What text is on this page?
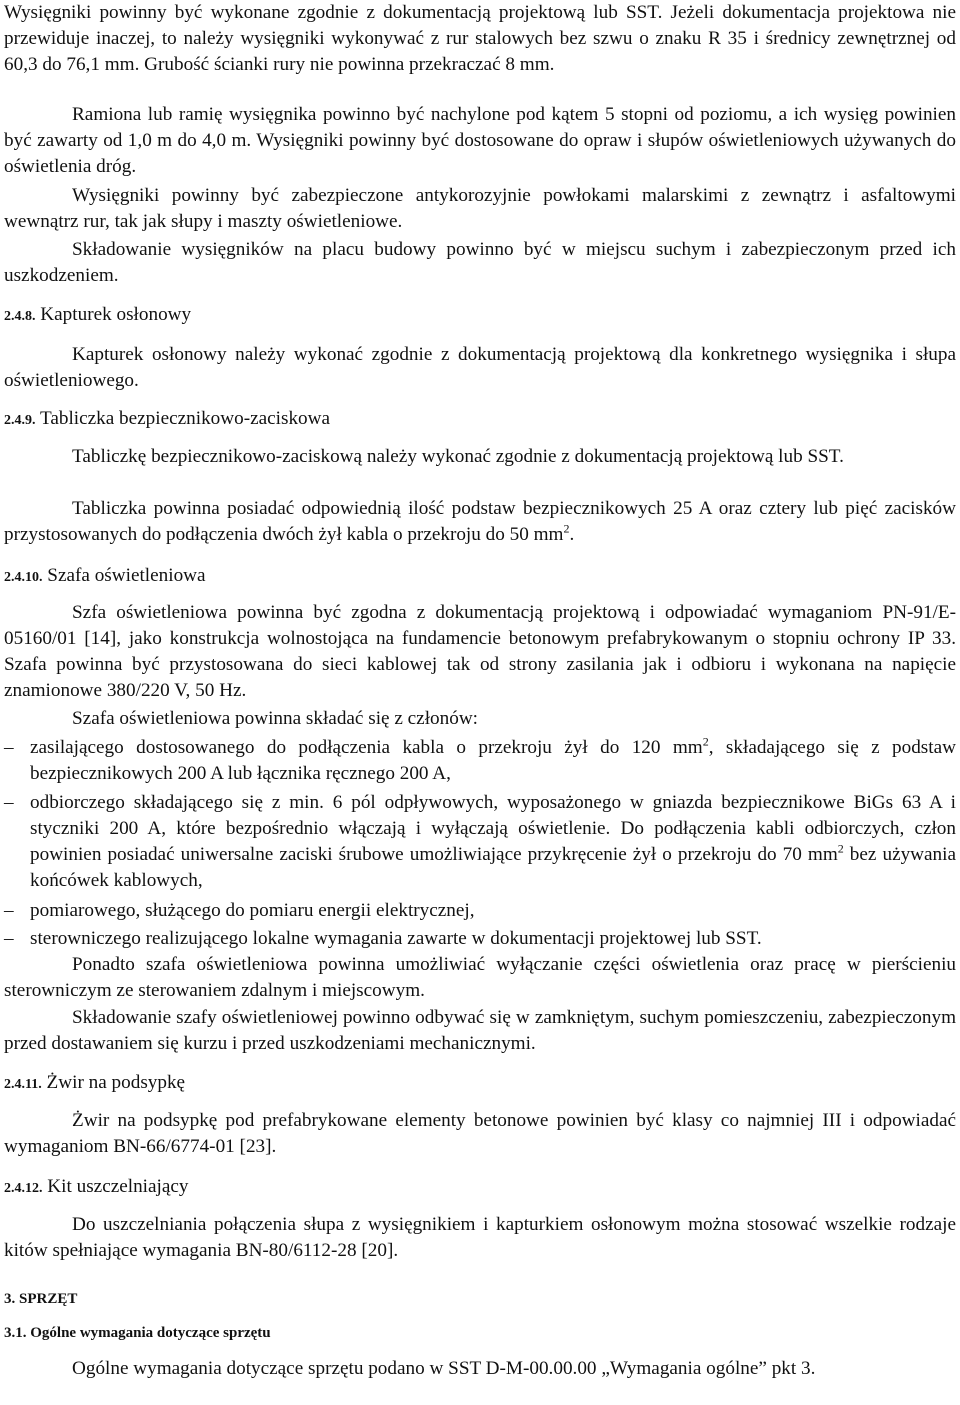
Wysięgniki powinny być wykonane zgodnie z dokumentacją projektową lub SST. Jeżeli dokumentacja projektowa nie przewiduje inaczej, to należy wysięgniki wykonywać z rur stalowych bez szwu o znaku R 35 i średnicy zewnętrznej od 60,3 do 76,1 mm. Grubość ścianki rury nie powinna przekraczać 8 mm.

Ramiona lub ramię wysięgnika powinno być nachylone pod kątem 5 stopni od poziomu, a ich wysięg powinien być zawarty od 1,0 m do 4,0 m. Wysięgniki powinny być dostosowane do opraw i słupów oświetleniowych używanych do oświetlenia dróg.

Wysięgniki powinny być zabezpieczone antykorozyjnie powłokami malarskimi z zewnątrz i asfaltowymi wewnątrz rur, tak jak słupy i maszty oświetleniowe.

Składowanie wysięgników na placu budowy powinno być w miejscu suchym i zabezpieczonym przed ich uszkodzeniem.

2.4.8. Kapturek osłonowy

Kapturek osłonowy należy wykonać zgodnie z dokumentacją projektową dla konkretnego wysięgnika i słupa oświetleniowego.

2.4.9. Tabliczka bezpiecznikowo-zaciskowa

Tabliczkę bezpiecznikowo-zaciskową należy wykonać zgodnie z dokumentacją projektową lub SST.

Tabliczka powinna posiadać odpowiednią ilość podstaw bezpiecznikowych 25 A oraz cztery lub pięć zacisków przystosowanych do podłączenia dwóch żył kabla o przekroju do 50 $mm^2$.

2.4.10. Szafa oświetleniowa

Szfa oświetleniowa powinna być zgodna z dokumentacją projektową i odpowiadać wymaganiom PN-91/E-05160/01 [14], jako konstrukcja wolnostojąca na fundamencie betonowym prefabrykowanym o stopniu ochrony IP 33. Szafa powinna być przystosowana do sieci kablowej tak od strony zasilania jak i odbioru i wykonana na napięcie znamionowe 380/220 V, 50 Hz.

Szafa oświetleniowa powinna składać się z członów:

– zasilającego dostosowanego do podłączenia kabla o przekroju żył do 120 $mm^2$, składającego się z podstaw bezpiecznikowych 200 A lub łącznika ręcznego 200 A,

– odbiorczego składającego się z min. 6 pól odpływowych, wyposażonego w gniazda bezpiecznikowe BiGs 63 A i styczniki 200 A, które bezpośrednio włączają i wyłączają oświetlenie. Do podłączenia kabli odbiorczych, człon powinien posiadać uniwersalne zaciski śrubowe umożliwiające przykręcenie żył o przekroju do 70 $mm^2$ bez używania końcówek kablowych,

– pomiarowego, służącego do pomiaru energii elektrycznej,

– sterowniczego realizującego lokalne wymagania zawarte w dokumentacji projektowej lub SST.

Ponadto szafa oświetleniowa powinna umożliwiać wyłączanie części oświetlenia oraz pracę w pierścieniu sterowniczym ze sterowaniem zdalnym i miejscowym.

Składowanie szafy oświetleniowej powinno odbywać się w zamkniętym, suchym pomieszczeniu, zabezpieczonym przed dostawaniem się kurzu i przed uszkodzeniami mechanicznymi.

2.4.11. Żwir na podsypkę

Żwir na podsypkę pod prefabrykowane elementy betonowe powinien być klasy co najmniej III i odpowiadać wymaganiom BN-66/6774-01 [23].

2.4.12. Kit uszczelniający

Do uszczelniania połączenia słupa z wysięgnikiem i kapturkiem osłonowym można stosować wszelkie rodzaje kitów spełniające wymagania BN-80/6112-28 [20].

3. SPRZĘT
3.1. Ogólne wymagania dotyczące sprzętu

Ogólne wymagania dotyczące sprzętu podano w SST D-M-00.00.00 „Wymagania ogólne” pkt 3.
